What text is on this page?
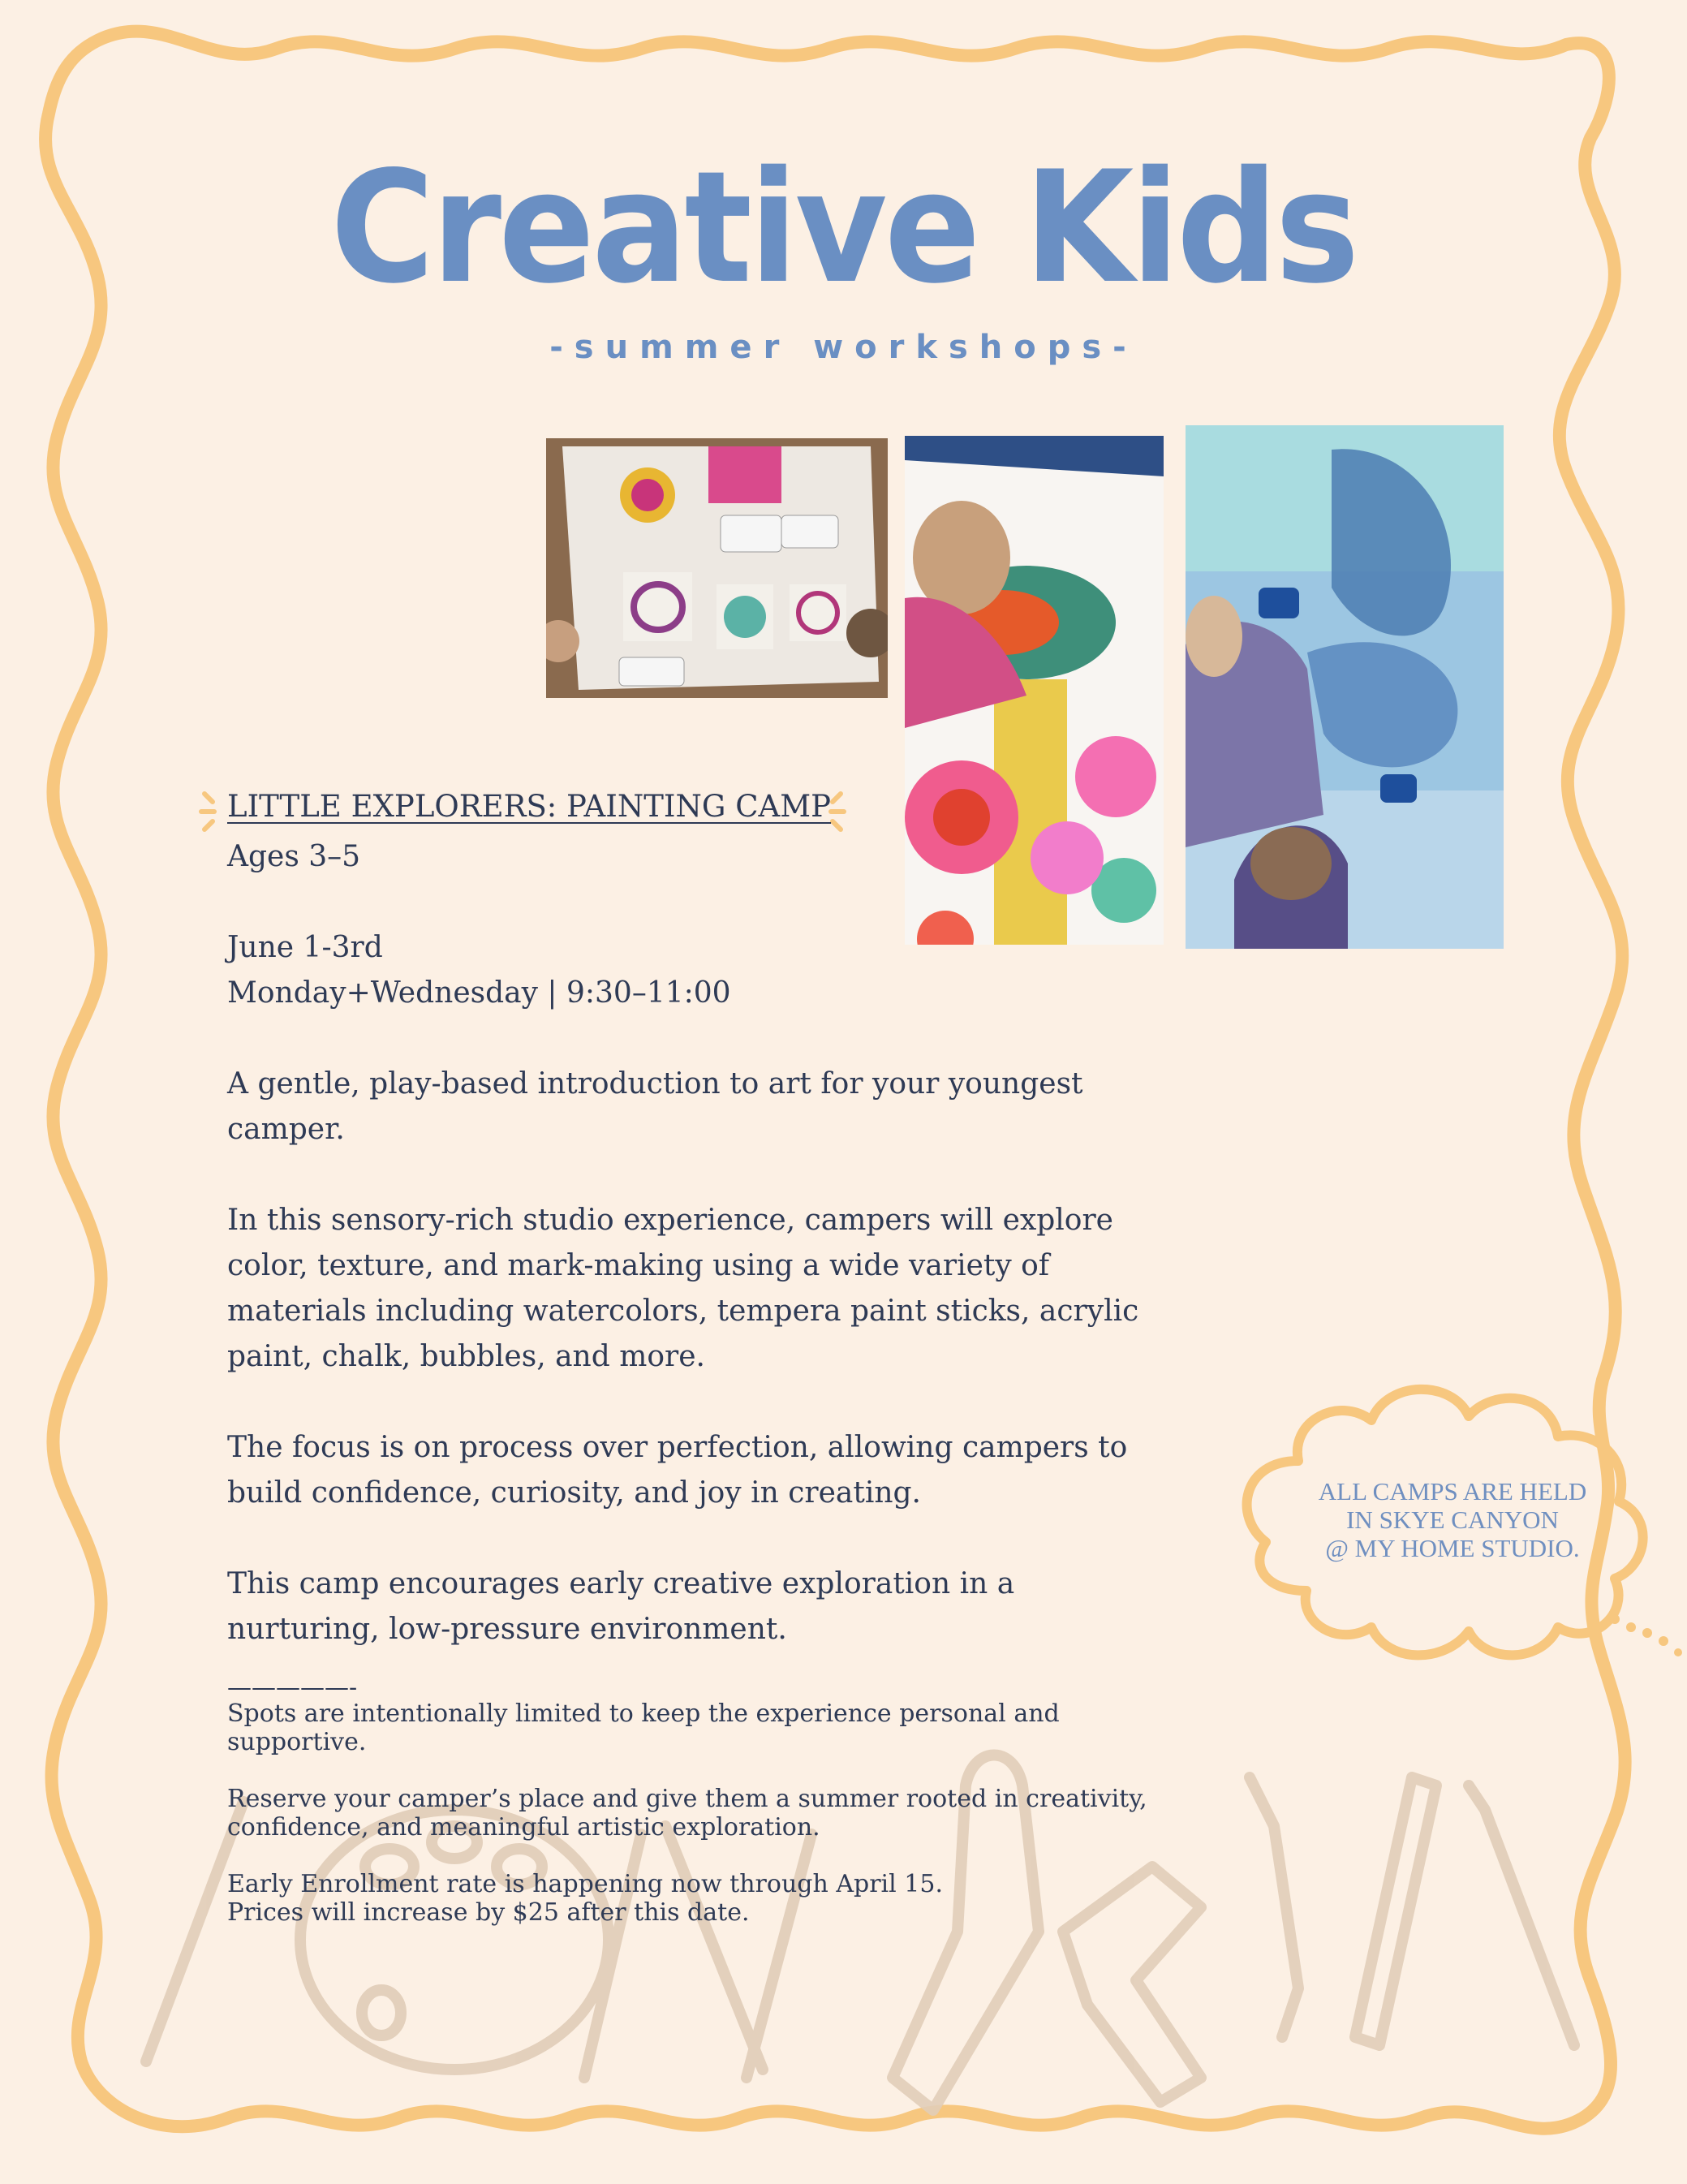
Creative Kids
-summer workshops-
LITTLE EXPLORERS: PAINTING CAMP
Ages 3–5
June 1-3rd
Monday+Wednesday | 9:30–11:00
A gentle, play-based introduction to art for your youngest
camper.
In this sensory-rich studio experience, campers will explore
color, texture, and mark-making using a wide variety of
materials including watercolors, tempera paint sticks, acrylic
paint, chalk, bubbles, and more.
The focus is on process over perfection, allowing campers to
build confidence, curiosity, and joy in creating.
This camp encourages early creative exploration in a
nurturing, low-pressure environment.
—————-

Spots are intentionally limited to keep the experience personal and
supportive.

Reserve your camper’s place and give them a summer rooted in creativity,
confidence, and meaningful artistic exploration.

Early Enrollment rate is happening now through April 15.
Prices will increase by $25 after this date.

ALL CAMPS ARE HELD
IN SKYE CANYON
@ MY HOME STUDIO.
